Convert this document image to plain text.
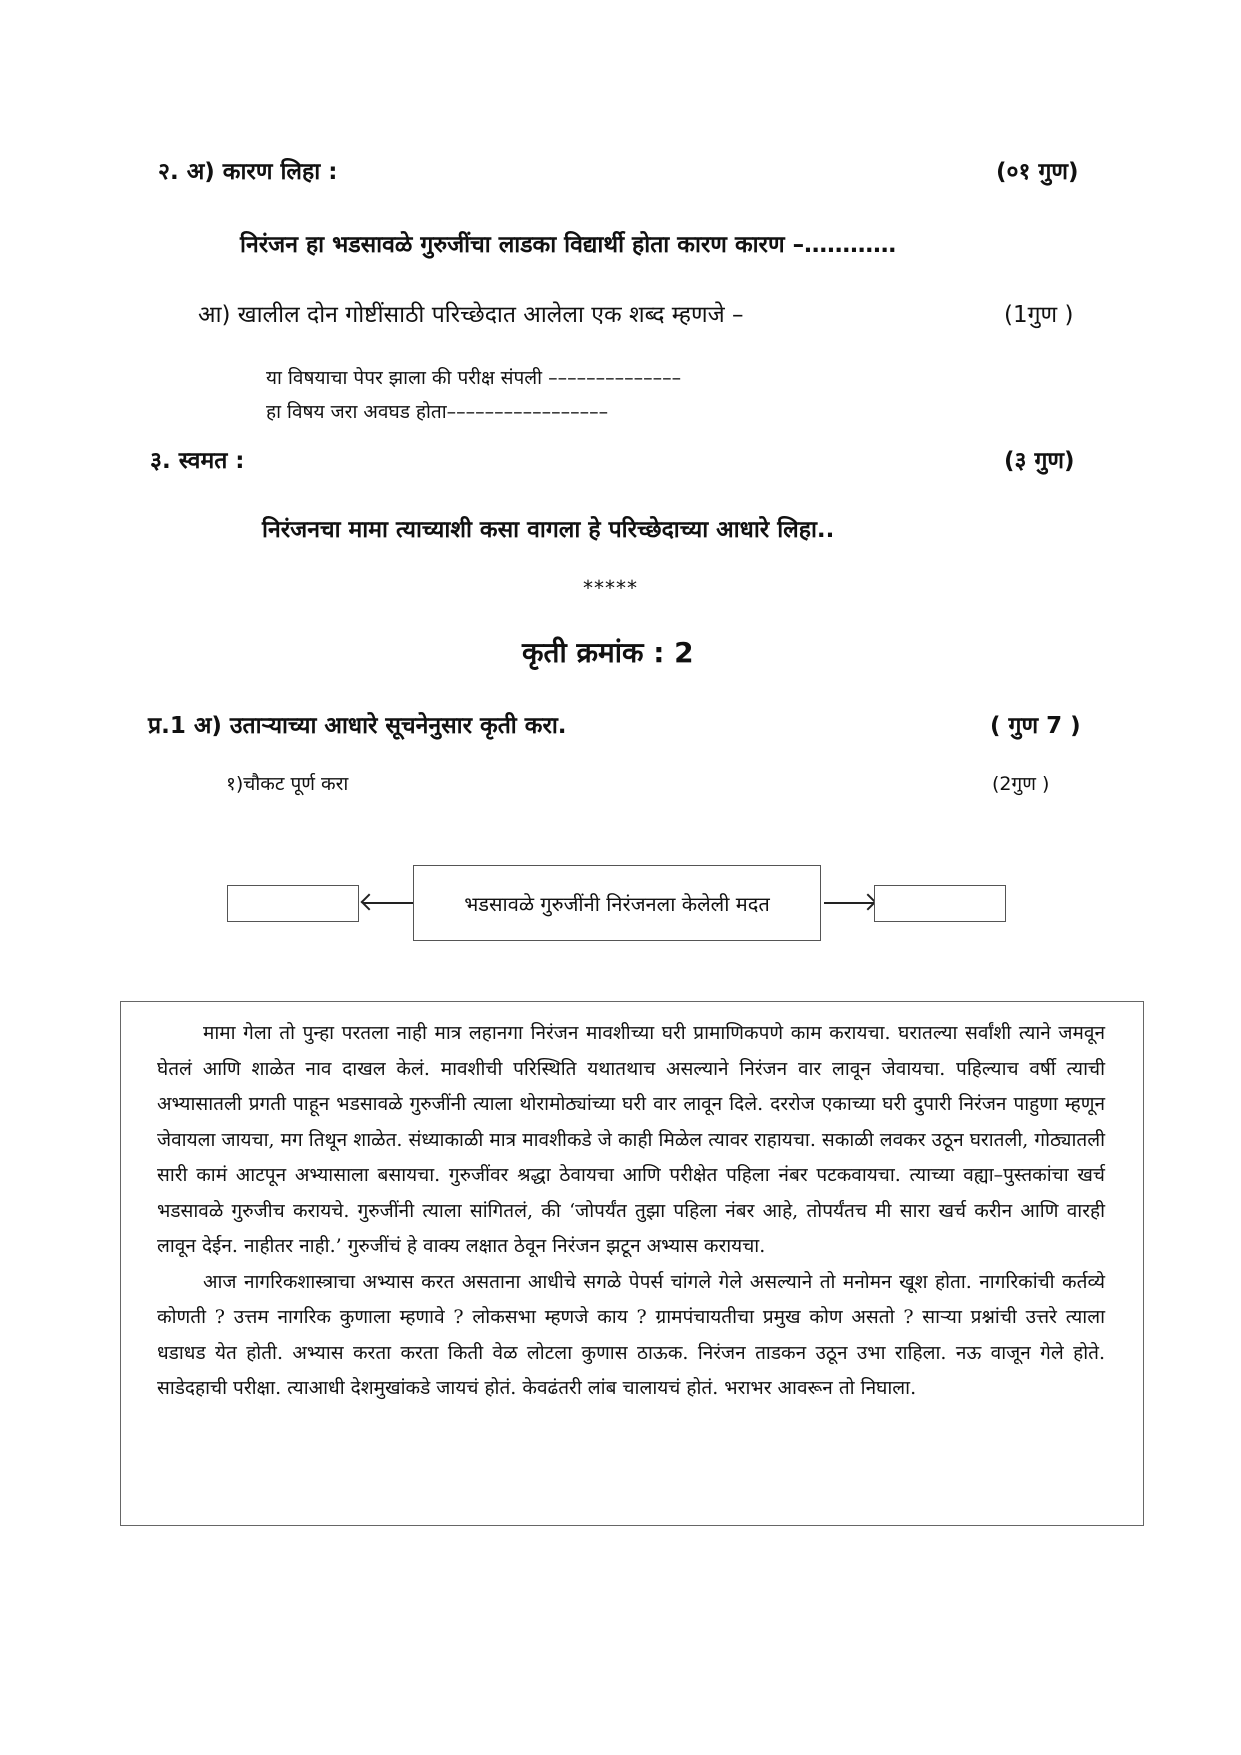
२. अ) कारण लिहा :	(०१ गुण)
निरंजन हा भडसावळे गुरुजींचा लाडका विद्यार्थी होता कारण कारण –…………
आ) खालील दोन गोष्टींसाठी परिच्छेदात आलेला एक शब्द म्हणजे –	(1गुण )
या विषयाचा पेपर झाला की परीक्ष संपली ––––––––––––––
हा विषय जरा अवघड होता–––––––––––––––––
३. स्वमत :	(३ गुण)
निरंजनचा मामा त्याच्याशी कसा वागला हे परिच्छेदाच्या आधारे लिहा..
*****
कृती क्रमांक : 2
प्र.1 अ) उताऱ्याच्या आधारे सूचनेनुसार कृती करा.	( गुण 7 )
१)चौकट पूर्ण करा	(2गुण )
भडसावळे गुरुजींनी निरंजनला केलेली मदत

मामा गेला तो पुन्हा परतला नाही मात्र लहानगा निरंजन मावशीच्या घरी प्रामाणिकपणे काम करायचा. घरातल्या सर्वांशी त्याने जमवून घेतलं आणि शाळेत नाव दाखल केलं. मावशीची परिस्थिति यथातथाच असल्याने निरंजन वार लावून जेवायचा. पहिल्याच वर्षी त्याची अभ्यासातली प्रगती पाहून भडसावळे गुरुजींनी त्याला थोरामोठ्यांच्या घरी वार लावून दिले. दररोज एकाच्या घरी दुपारी निरंजन पाहुणा म्हणून जेवायला जायचा, मग तिथून शाळेत. संध्याकाळी मात्र मावशीकडे जे काही मिळेल त्यावर राहायचा. सकाळी लवकर उठून घरातली, गोठ्यातली सारी कामं आटपून अभ्यासाला बसायचा. गुरुजींवर श्रद्धा ठेवायचा आणि परीक्षेत पहिला नंबर पटकवायचा. त्याच्या वह्या–पुस्तकांचा खर्च भडसावळे गुरुजीच करायचे. गुरुजींनी त्याला सांगितलं, की ‘जोपर्यंत तुझा पहिला नंबर आहे, तोपर्यंतच मी सारा खर्च करीन आणि वारही लावून देईन. नाहीतर नाही.’ गुरुजींचं हे वाक्य लक्षात ठेवून निरंजन झटून अभ्यास करायचा.

आज नागरिकशास्त्राचा अभ्यास करत असताना आधीचे सगळे पेपर्स चांगले गेले असल्याने तो मनोमन खूश होता. नागरिकांची कर्तव्ये कोणती ? उत्तम नागरिक कुणाला म्हणावे ? लोकसभा म्हणजे काय ? ग्रामपंचायतीचा प्रमुख कोण असतो ? साऱ्या प्रश्नांची उत्तरे त्याला धडाधड येत होती. अभ्यास करता करता किती वेळ लोटला कुणास ठाऊक. निरंजन ताडकन उठून उभा राहिला. नऊ वाजून गेले होते. साडेदहाची परीक्षा. त्याआधी देशमुखांकडे जायचं होतं. केवढंतरी लांब चालायचं होतं. भराभर आवरून तो निघाला.
